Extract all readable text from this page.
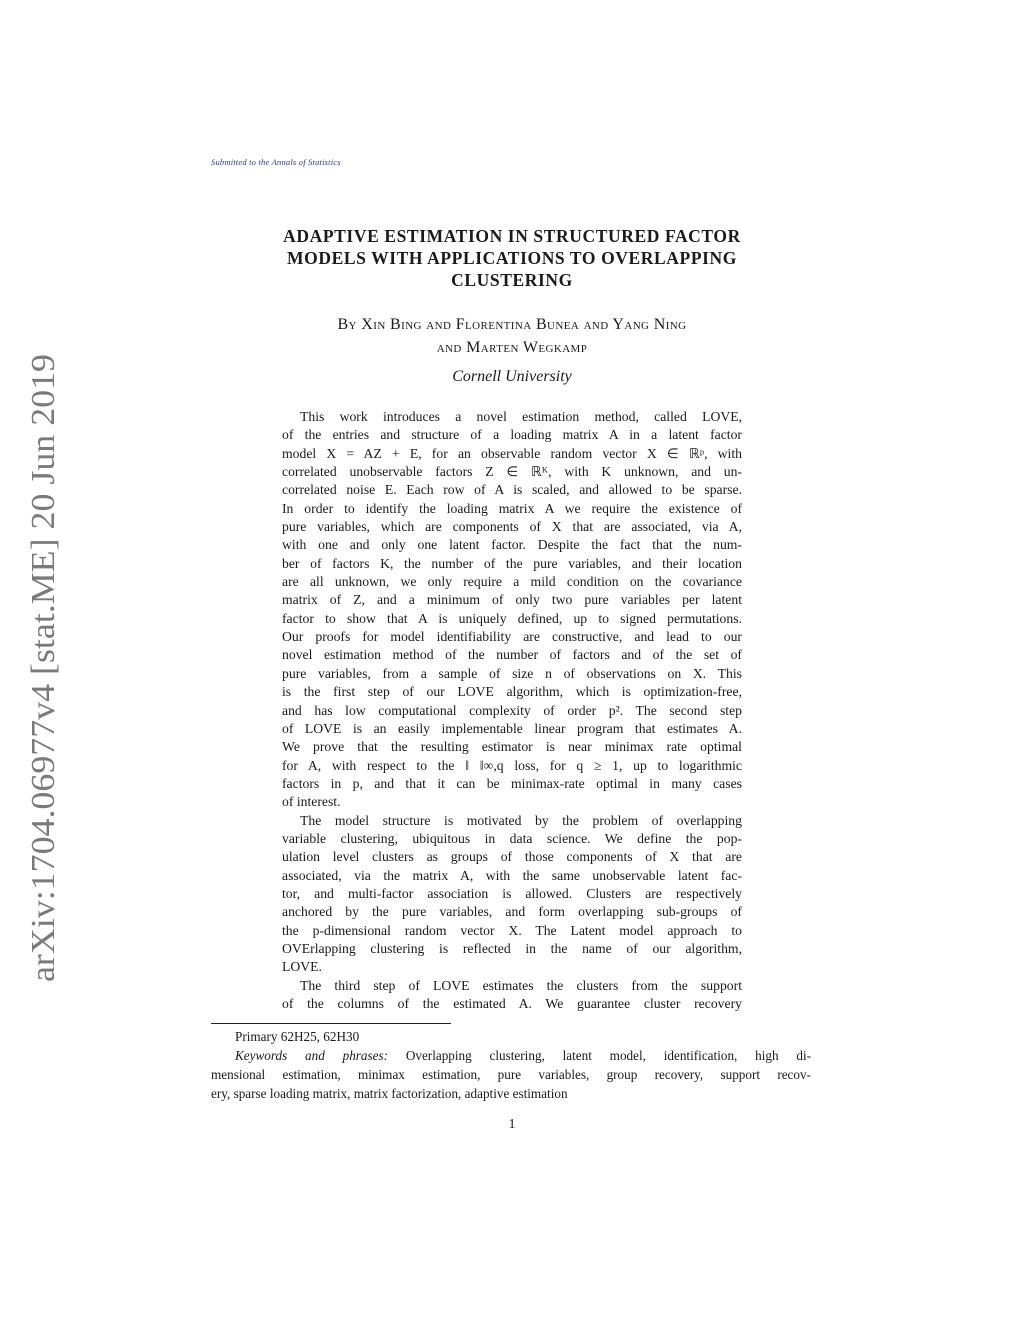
arXiv:1704.06977v4 [stat.ME] 20 Jun 2019
Submitted to the Annals of Statistics
ADAPTIVE ESTIMATION IN STRUCTURED FACTOR
MODELS WITH APPLICATIONS TO OVERLAPPING
CLUSTERING
By Xin Bing and Florentina Bunea and Yang Ning
and Marten Wegkamp
Cornell University
This work introduces a novel estimation method, called LOVE,
of the entries and structure of a loading matrix A in a latent factor
model X = AZ + E, for an observable random vector X ∈ ℝᵖ, with
correlated unobservable factors Z ∈ ℝᴷ, with K unknown, and un-
correlated noise E. Each row of A is scaled, and allowed to be sparse.
In order to identify the loading matrix A we require the existence of
pure variables, which are components of X that are associated, via A,
with one and only one latent factor. Despite the fact that the num-
ber of factors K, the number of the pure variables, and their location
are all unknown, we only require a mild condition on the covariance
matrix of Z, and a minimum of only two pure variables per latent
factor to show that A is uniquely defined, up to signed permutations.
Our proofs for model identifiability are constructive, and lead to our
novel estimation method of the number of factors and of the set of
pure variables, from a sample of size n of observations on X. This
is the first step of our LOVE algorithm, which is optimization-free,
and has low computational complexity of order p². The second step
of LOVE is an easily implementable linear program that estimates A.
We prove that the resulting estimator is near minimax rate optimal
for A, with respect to the ‖ ‖∞,q loss, for q ≥ 1, up to logarithmic
factors in p, and that it can be minimax-rate optimal in many cases
of interest.
The model structure is motivated by the problem of overlapping
variable clustering, ubiquitous in data science. We define the pop-
ulation level clusters as groups of those components of X that are
associated, via the matrix A, with the same unobservable latent fac-
tor, and multi-factor association is allowed. Clusters are respectively
anchored by the pure variables, and form overlapping sub-groups of
the p-dimensional random vector X. The Latent model approach to
OVErlapping clustering is reflected in the name of our algorithm,
LOVE.
The third step of LOVE estimates the clusters from the support
of the columns of the estimated A. We guarantee cluster recovery
Primary 62H25, 62H30
Keywords and phrases: Overlapping clustering, latent model, identification, high di-
mensional estimation, minimax estimation, pure variables, group recovery, support recov-
ery, sparse loading matrix, matrix factorization, adaptive estimation
1
